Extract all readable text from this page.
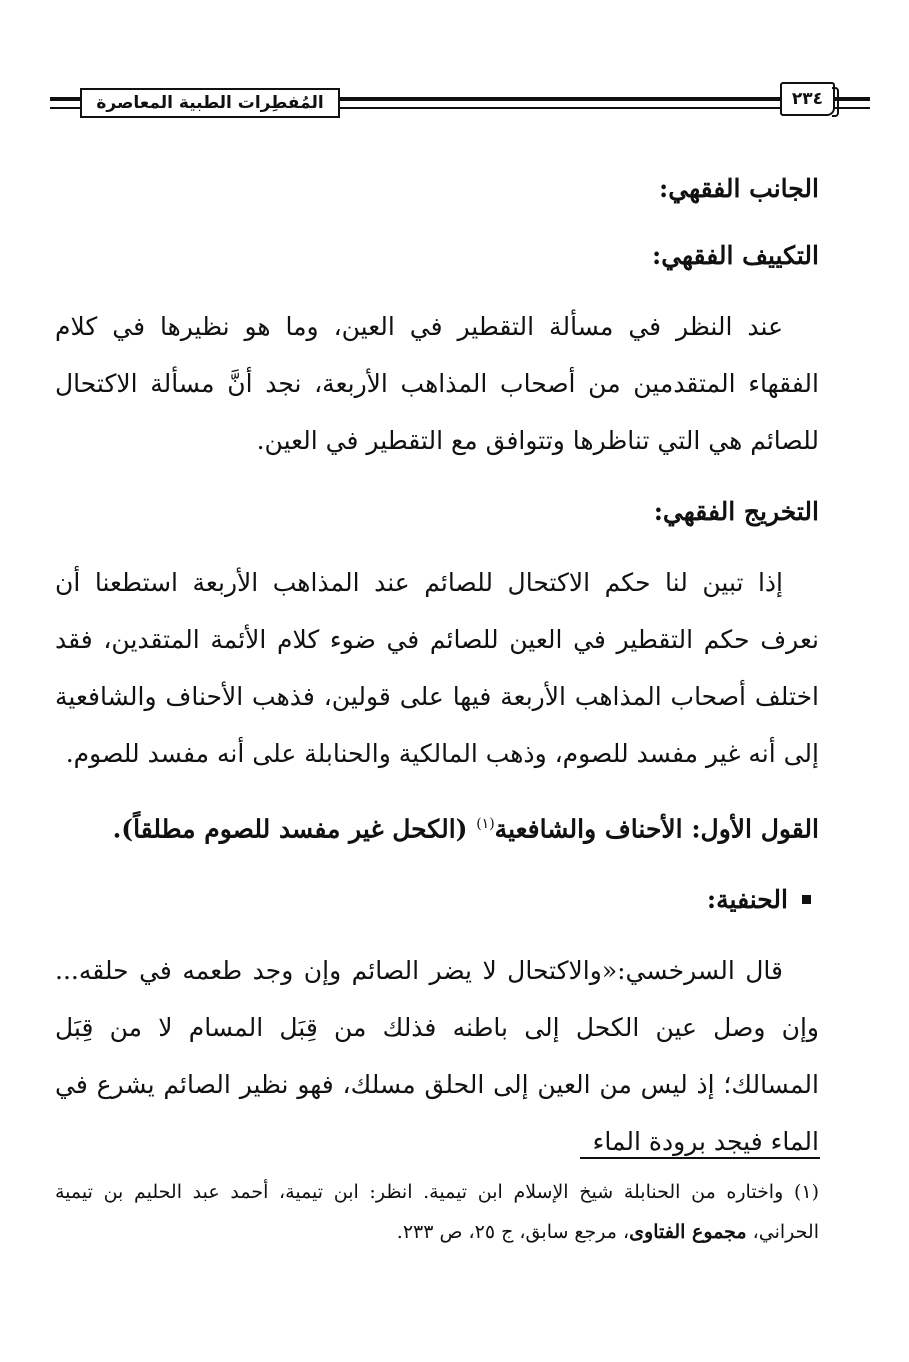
المُفطِرات الطبية المعاصرة	٢٣٤

الجانب الفقهي:

التكييف الفقهي:

عند النظر في مسألة التقطير في العين، وما هو نظيرها في كلام الفقهاء المتقدمين من أصحاب المذاهب الأربعة، نجد أنَّ مسألة الاكتحال للصائم هي التي تناظرها وتتوافق مع التقطير في العين.

التخريج الفقهي:

إذا تبين لنا حكم الاكتحال للصائم عند المذاهب الأربعة استطعنا أن نعرف حكم التقطير في العين للصائم في ضوء كلام الأئمة المتقدين، فقد اختلف أصحاب المذاهب الأربعة فيها على قولين، فذهب الأحناف والشافعية إلى أنه غير مفسد للصوم، وذهب المالكية والحنابلة على أنه مفسد للصوم.

القول الأول: الأحناف والشافعية$^{(١)}$ (الكحل غير مفسد للصوم مطلقاً).

الحنفية:

قال السرخسي:«والاكتحال لا يضر الصائم وإن وجد طعمه في حلقه... وإن وصل عين الكحل إلى باطنه فذلك من قِبَل المسام لا من قِبَل المسالك؛ إذ ليس من العين إلى الحلق مسلك، فهو نظير الصائم يشرع في الماء فيجد برودة الماء

(١) واختاره من الحنابلة شيخ الإسلام ابن تيمية. انظر: ابن تيمية، أحمد عبد الحليم بن تيمية الحراني، مجموع الفتاوى، مرجع سابق، ج ٢٥، ص ٢٣٣.
